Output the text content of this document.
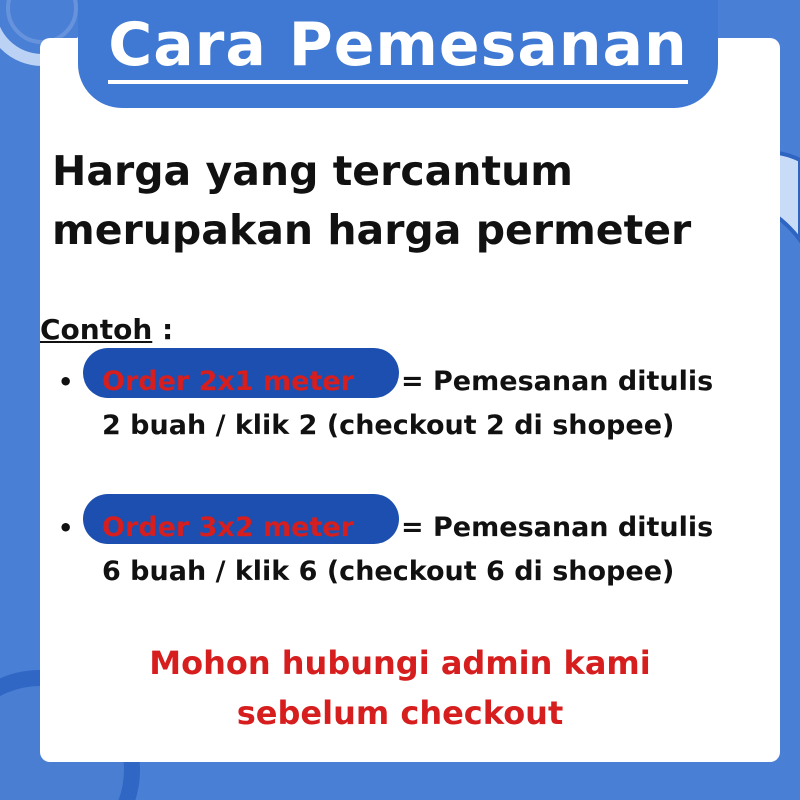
Cara Pemesanan
Harga yang tercantum
merupakan harga permeter
Contoh :
• Order 2x1 meter = Pemesanan ditulis
2 buah / klik 2 (checkout 2 di shopee)
• Order 3x2 meter = Pemesanan ditulis
6 buah / klik 6 (checkout 6 di shopee)
Mohon hubungi admin kami
sebelum checkout
